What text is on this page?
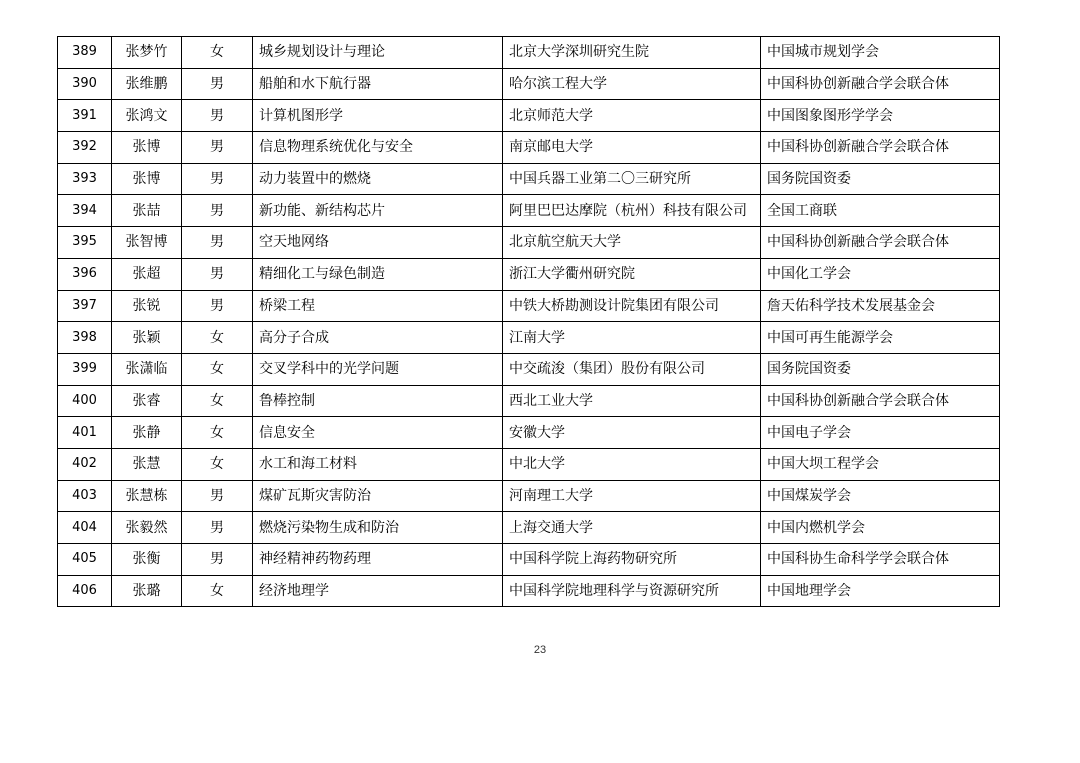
389	张梦竹	女	城乡规划设计与理论	北京大学深圳研究生院	中国城市规划学会
390	张维鹏	男	船舶和水下航行器	哈尔滨工程大学	中国科协创新融合学会联合体
391	张鸿文	男	计算机图形学	北京师范大学	中国图象图形学学会
392	张博	男	信息物理系统优化与安全	南京邮电大学	中国科协创新融合学会联合体
393	张博	男	动力装置中的燃烧	中国兵器工业第二〇三研究所	国务院国资委
394	张喆	男	新功能、新结构芯片	阿里巴巴达摩院（杭州）科技有限公司	全国工商联
395	张智博	男	空天地网络	北京航空航天大学	中国科协创新融合学会联合体
396	张超	男	精细化工与绿色制造	浙江大学衢州研究院	中国化工学会
397	张锐	男	桥梁工程	中铁大桥勘测设计院集团有限公司	詹天佑科学技术发展基金会
398	张颖	女	高分子合成	江南大学	中国可再生能源学会
399	张潇临	女	交叉学科中的光学问题	中交疏浚（集团）股份有限公司	国务院国资委
400	张睿	女	鲁棒控制	西北工业大学	中国科协创新融合学会联合体
401	张静	女	信息安全	安徽大学	中国电子学会
402	张慧	女	水工和海工材料	中北大学	中国大坝工程学会
403	张慧栋	男	煤矿瓦斯灾害防治	河南理工大学	中国煤炭学会
404	张毅然	男	燃烧污染物生成和防治	上海交通大学	中国内燃机学会
405	张衡	男	神经精神药物药理	中国科学院上海药物研究所	中国科协生命科学学会联合体
406	张璐	女	经济地理学	中国科学院地理科学与资源研究所	中国地理学会
23
